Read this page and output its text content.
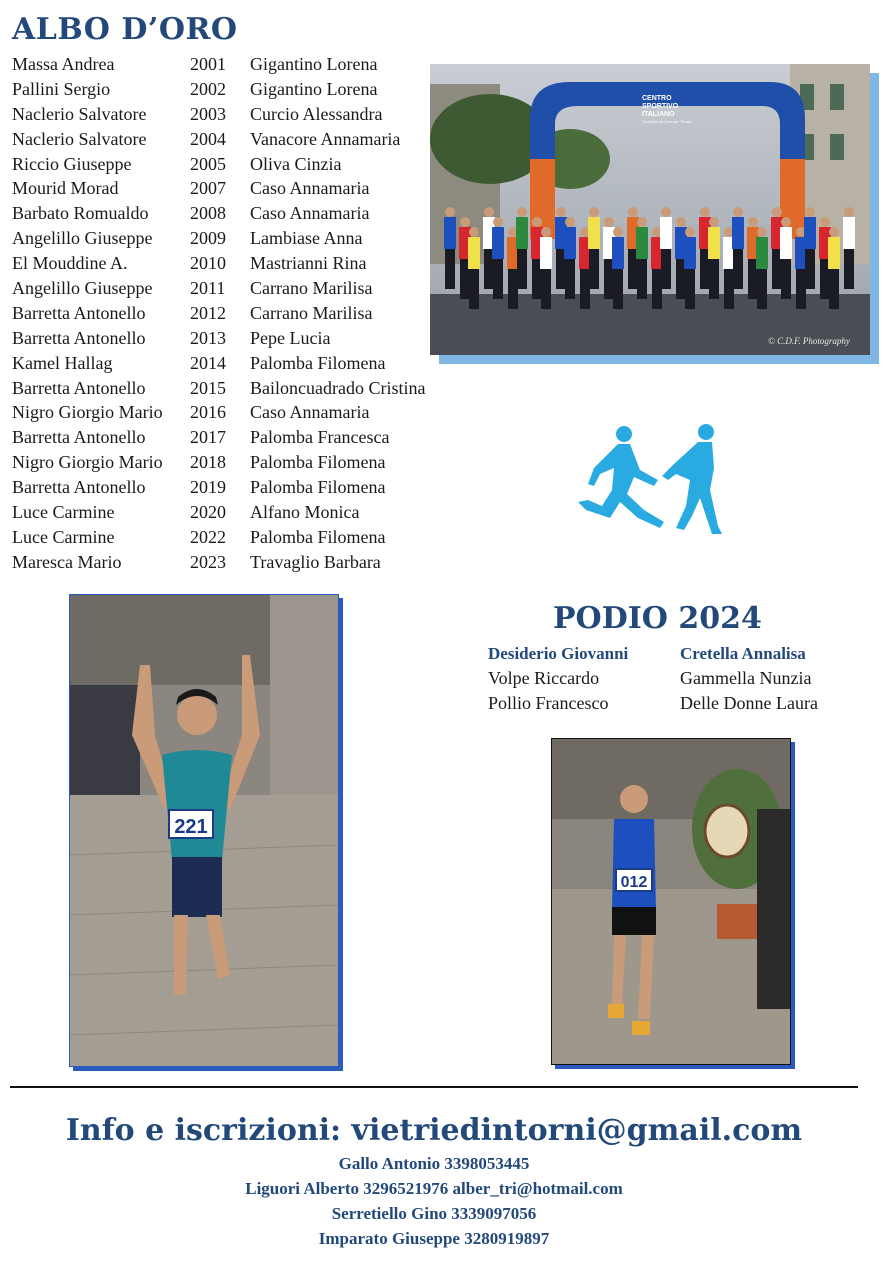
ALBO D’ORO
Massa Andrea	2001	Gigantino Lorena
Pallini Sergio	2002	Gigantino Lorena
Naclerio Salvatore	2003	Curcio Alessandra
Naclerio Salvatore	2004	Vanacore Annamaria
Riccio Giuseppe	2005	Oliva Cinzia
Mourid Morad	2007	Caso Annamaria
Barbato Romualdo	2008	Caso Annamaria
Angelillo Giuseppe	2009	Lambiase Anna
El Mouddine A.	2010	Mastrianni Rina
Angelillo Giuseppe	2011	Carrano Marilisa
Barretta Antonello	2012	Carrano Marilisa
Barretta Antonello	2013	Pepe Lucia
Kamel Hallag	2014	Palomba Filomena
Barretta Antonello	2015	Bailoncuadrado Cristina
Nigro Giorgio Mario	2016	Caso Annamaria
Barretta Antonello	2017	Palomba Francesca
Nigro Giorgio Mario	2018	Palomba Filomena
Barretta Antonello	2019	Palomba Filomena
Luce Carmine	2020	Alfano Monica
Luce Carmine	2022	Palomba Filomena
Maresca Mario	2023	Travaglio Barbara
CENTRO
SPORTIVO
ITALIANO
Comitato di Cava de' Tirreni
© C.D.F. Photography
221
PODIO 2024
Desiderio Giovanni	Cretella Annalisa
Volpe Riccardo	Gammella Nunzia
Pollio Francesco	Delle Donne Laura
012
Info e iscrizioni: vietriedintorni@gmail.com
Gallo Antonio 3398053445
Liguori Alberto 3296521976 alber_tri@hotmail.com
Serretiello Gino 3339097056
Imparato Giuseppe 3280919897
